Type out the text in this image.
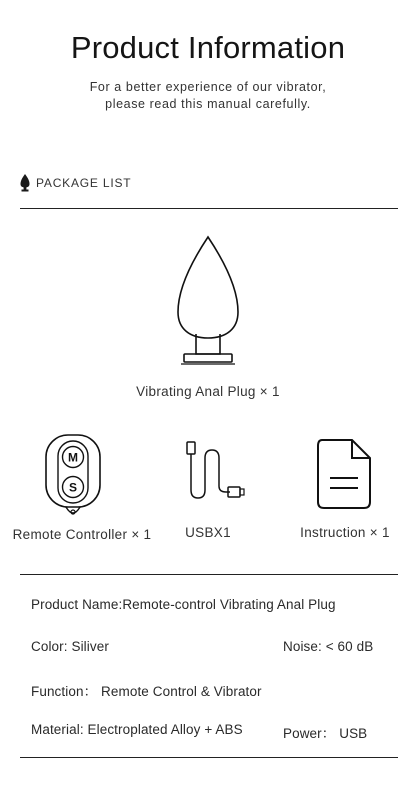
Product Information
For a better experience of our vibrator,
please read this manual carefully.
PACKAGE LIST
Vibrating Anal Plug × 1
M
S
Remote Controller × 1	USBX1	Instruction × 1
Product Name:Remote-control Vibrating Anal Plug
Color: Siliver	Noise: < 60 dB
Function： Remote Control & Vibrator
Material: Electroplated Alloy + ABS	Power： USB
